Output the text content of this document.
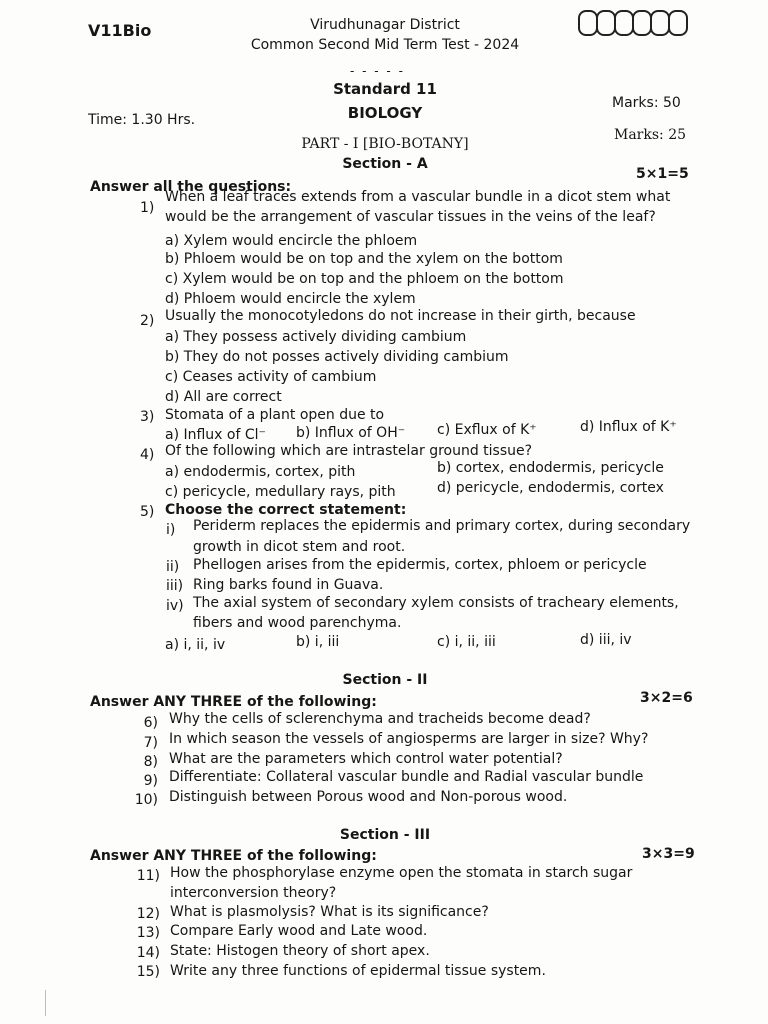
V11Bio	Virudhunagar District
Common Second Mid Term Test - 2024
- - - - -
Standard 11
BIOLOGY
Time: 1.30 Hrs.
Marks: 50
PART - I [BIO-BOTANY]
Marks: 25
Section - A
5×1=5
Answer all the questions:
1)
When a leaf traces extends from a vascular bundle in a dicot stem what
would be the arrangement of vascular tissues in the veins of the leaf?
a) Xylem would encircle the phloem
b) Phloem would be on top and the xylem on the bottom
c) Xylem would be on top and the phloem on the bottom
d) Phloem would encircle the xylem
2) Usually the monocotyledons do not increase in their girth, because
a) They possess actively dividing cambium
b) They do not posses actively dividing cambium
c) Ceases activity of cambium
d) All are correct
3) Stomata of a plant open due to
a) Influx of Cl⁻ b) Influx of OH⁻ c) Exflux of K⁺	d) Influx of K⁺
4) Of the following which are intrastelar ground tissue?
a) endodermis, cortex, pith	b) cortex, endodermis, pericycle
c) pericycle, medullary rays, pith	d) pericycle, endodermis, cortex
5) Choose the correct statement:
i) Periderm replaces the epidermis and primary cortex, during secondary
growth in dicot stem and root.
ii) Phellogen arises from the epidermis, cortex, phloem or pericycle
iii) Ring barks found in Guava.
iv) The axial system of secondary xylem consists of tracheary elements,
fibers and wood parenchyma.
a) i, ii, iv	b) i, iii	c) i, ii, iii	d) iii, iv
Section - II
Answer ANY THREE of the following:	3×2=6
6) Why the cells of sclerenchyma and tracheids become dead?
7) In which season the vessels of angiosperms are larger in size? Why?
8) What are the parameters which control water potential?
9) Differentiate: Collateral vascular bundle and Radial vascular bundle
10) Distinguish between Porous wood and Non-porous wood.
Section - III
Answer ANY THREE of the following:	3×3=9
11) How the phosphorylase enzyme open the stomata in starch sugar
interconversion theory?
12) What is plasmolysis? What is its significance?
13) Compare Early wood and Late wood.
14) State: Histogen theory of short apex.
15) Write any three functions of epidermal tissue system.
